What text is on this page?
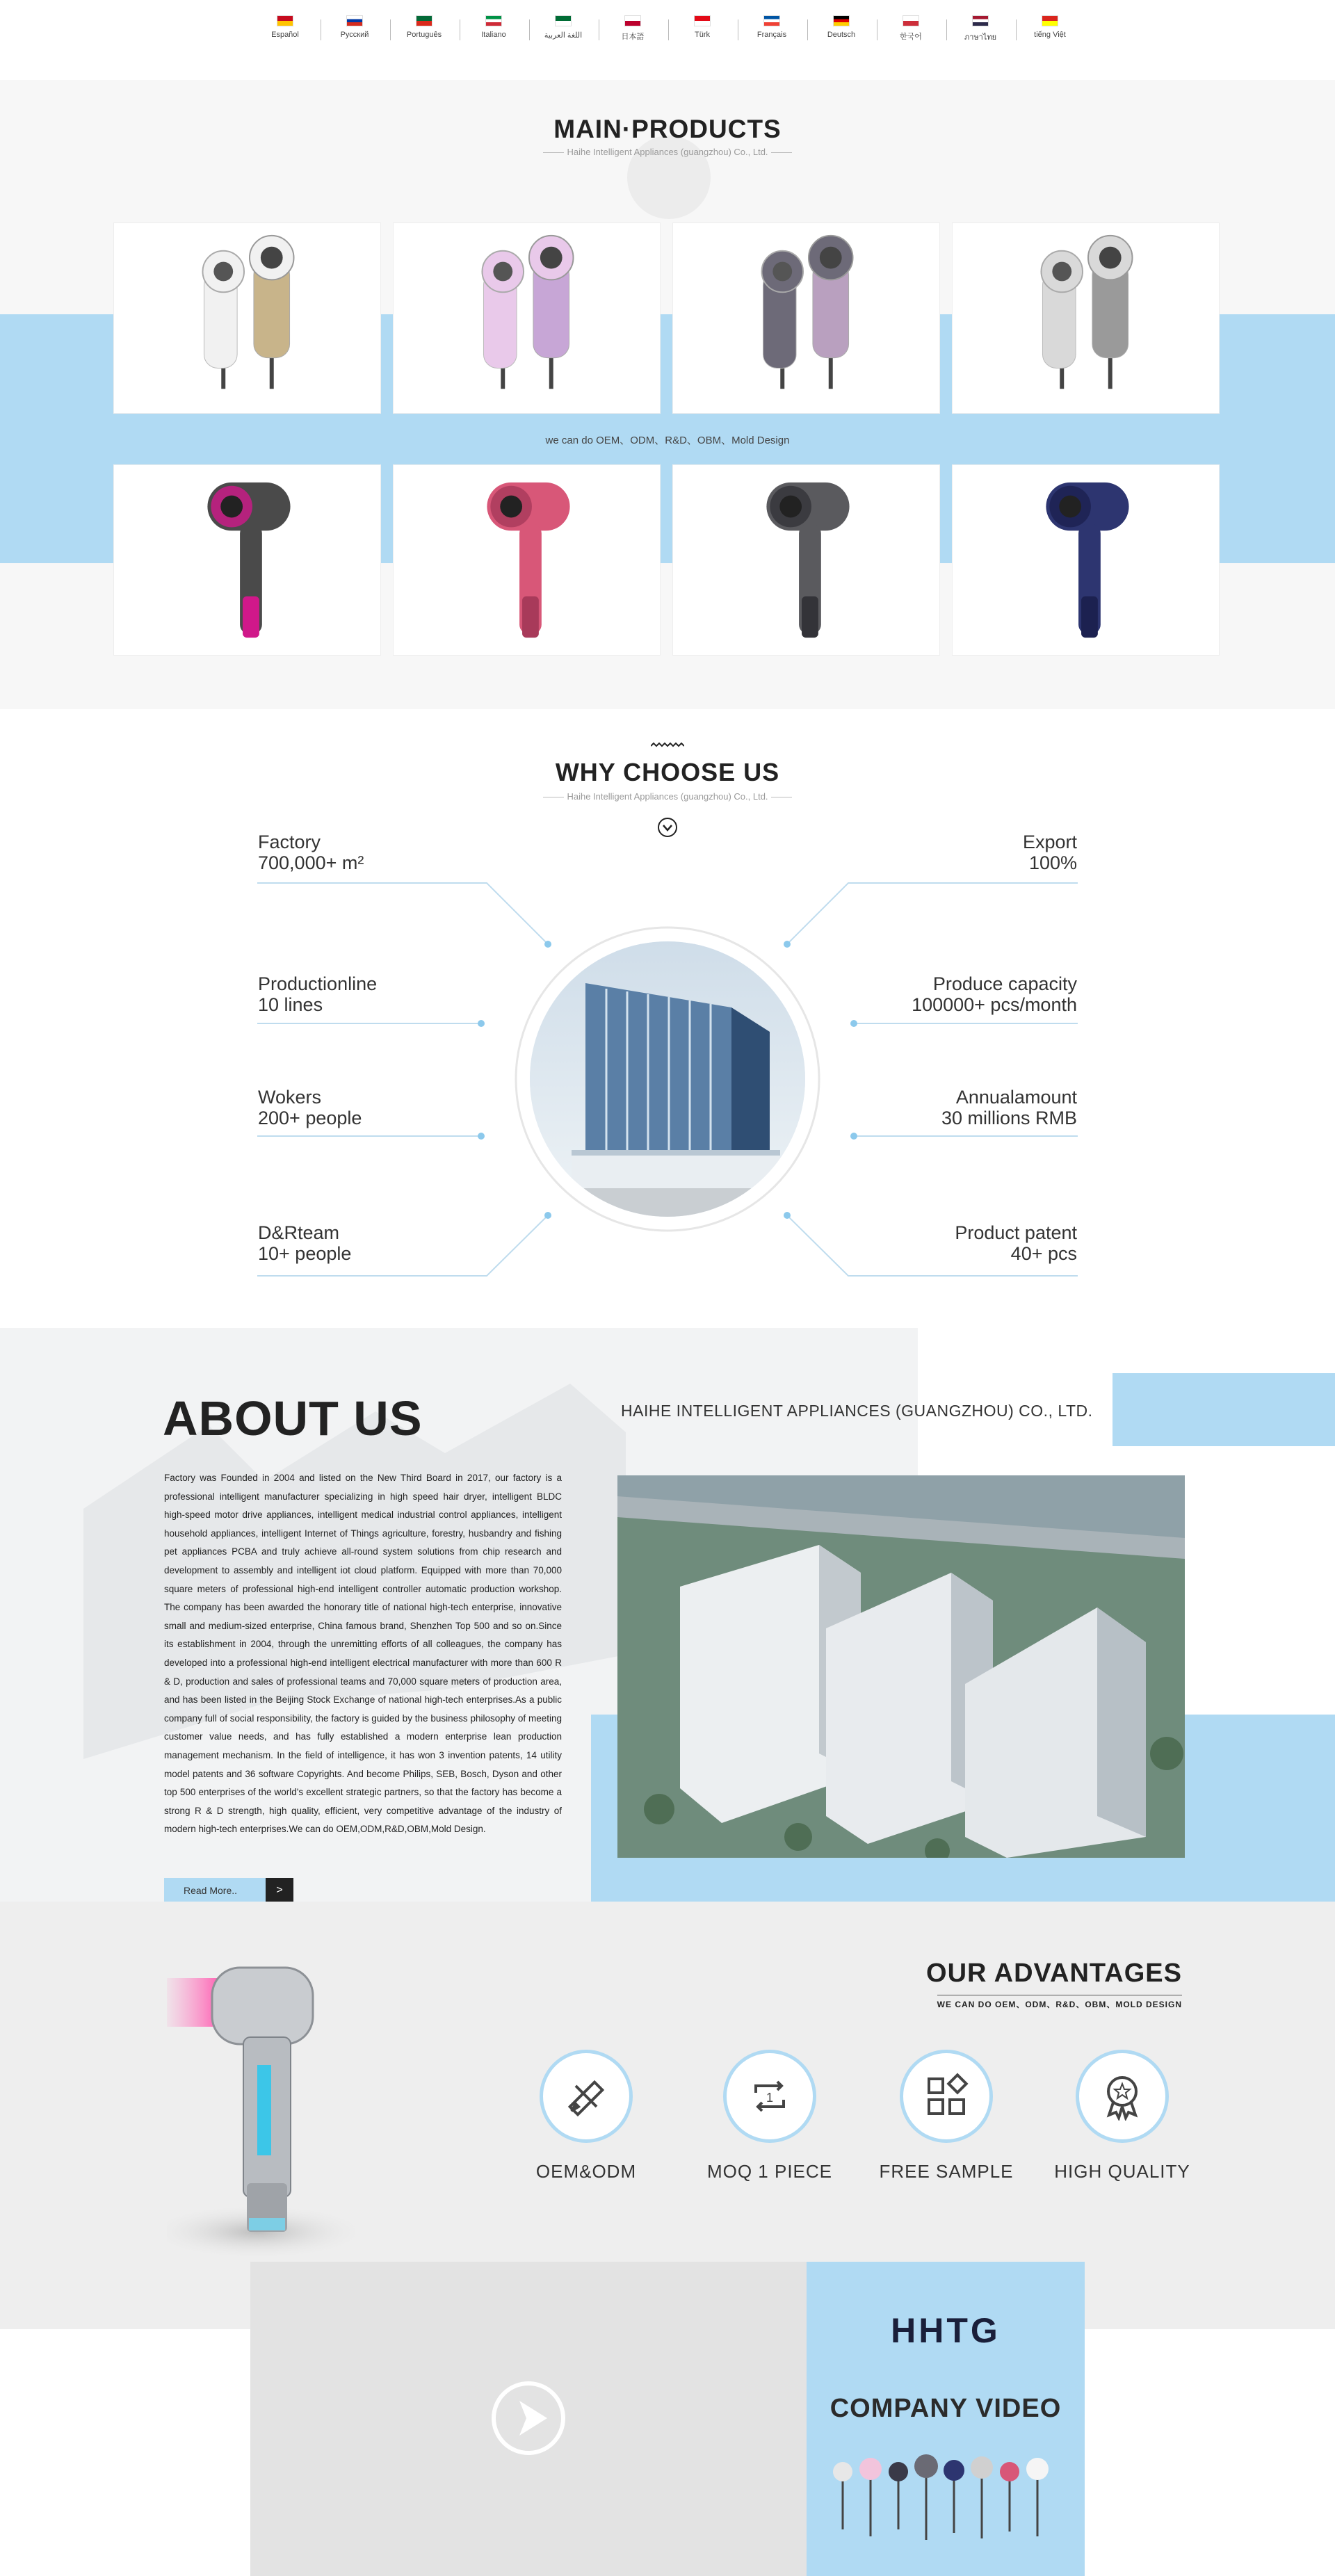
Español	Русский	Português	Italiano	اللغة العربية	日本語	Türk	Français	Deutsch	한국어	ภาษาไทย	tiếng Việt
MAIN·PRODUCTS
Haihe Intelligent Appliances (guangzhou) Co., Ltd.
we can do OEM、ODM、R&D、OBM、Mold Design
WHY CHOOSE US
Haihe Intelligent Appliances (guangzhou) Co., Ltd.
Factory
700,000+ m²
Productionline
10 lines
Wokers
200+ people
D&Rteam
10+ people
Export
100%
Produce capacity
100000+ pcs/month
Annualamount
30 millions RMB
Product patent
40+ pcs
ABOUT US	HAIHE INTELLIGENT APPLIANCES (GUANGZHOU) CO., LTD.

Factory was Founded in 2004 and listed on the New Third Board in 2017, our factory is a professional intelligent manufacturer specializing in high speed hair dryer, intelligent BLDC high-speed motor drive appliances, intelligent medical industrial control appliances, intelligent household appliances, intelligent Internet of Things agriculture, forestry, husbandry and fishing pet appliances PCBA and truly achieve all-round system solutions from chip research and development to assembly and intelligent iot cloud platform. Equipped with more than 70,000 square meters of professional high-end intelligent controller automatic production workshop. The company has been awarded the honorary title of national high-tech enterprise, innovative small and medium-sized enterprise, China famous brand, Shenzhen Top 500 and so on.Since its establishment in 2004, through the unremitting efforts of all colleagues, the company has developed into a professional high-end intelligent electrical manufacturer with more than 600 R & D, production and sales of professional teams and 70,000 square meters of production area, and has been listed in the Beijing Stock Exchange of national high-tech enterprises.As a public company full of social responsibility, the factory is guided by the business philosophy of meeting customer value needs, and has fully established a modern enterprise lean production management mechanism. In the field of intelligence, it has won 3 invention patents, 14 utility model patents and 36 software Copyrights. And become Philips, SEB, Bosch, Dyson and other top 500 enterprises of the world's excellent strategic partners, so that the factory has become a strong R & D strength, high quality, efficient, very competitive advantage of the industry of modern high-tech enterprises.We can do OEM,ODM,R&D,OBM,Mold Design.

Read More..	>
OUR ADVANTAGES
WE CAN DO OEM、ODM、R&D、OBM、MOLD DESIGN
OEM&ODM
1
MOQ 1 PIECE	FREE SAMPLE HIGH QUALITY
HHTG
COMPANY VIDEO
